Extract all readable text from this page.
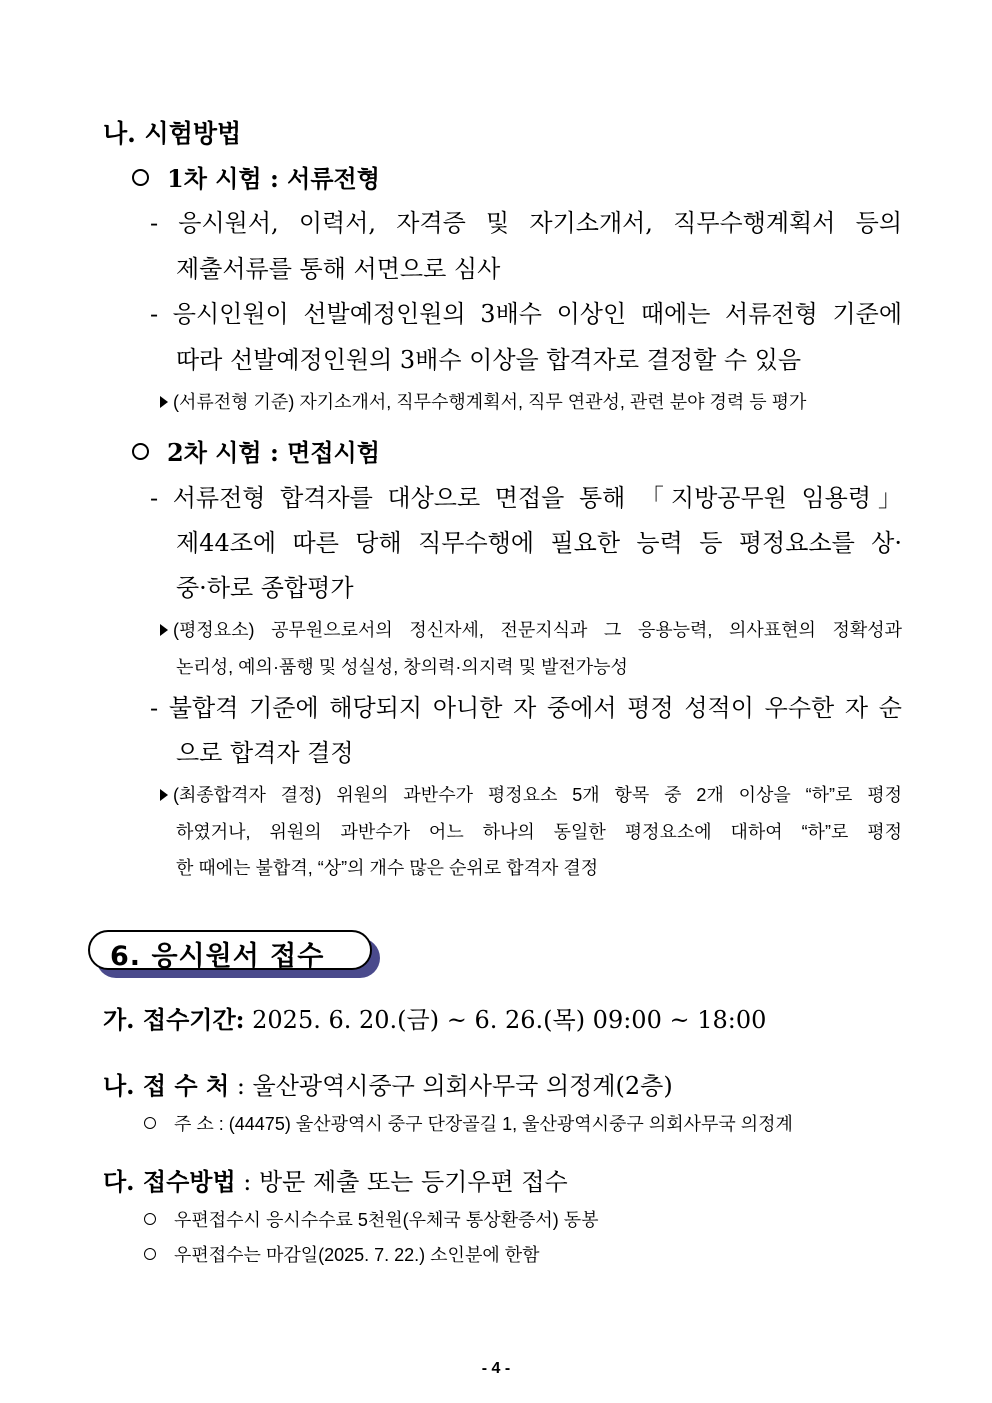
나. 시험방법
1차 시험 : 서류전형
- 응시원서, 이력서, 자격증 및 자기소개서, 직무수행계획서 등의
제출서류를 통해 서면으로 심사
- 응시인원이 선발예정인원의 3배수 이상인 때에는 서류전형 기준에
따라 선발예정인원의 3배수 이상을 합격자로 결정할 수 있음
(서류전형 기준) 자기소개서, 직무수행계획서, 직무 연관성, 관련 분야 경력 등 평가
2차 시험 : 면접시험
- 서류전형 합격자를 대상으로 면접을 통해 「지방공무원 임용령」
제44조에 따른 당해 직무수행에 필요한 능력 등 평정요소를 상·
중·하로 종합평가
(평정요소) 공무원으로서의 정신자세, 전문지식과 그 응용능력, 의사표현의 정확성과
논리성, 예의·품행 및 성실성, 창의력·의지력 및 발전가능성
- 불합격 기준에 해당되지 아니한 자 중에서 평정 성적이 우수한 자 순
으로 합격자 결정
(최종합격자 결정) 위원의 과반수가 평정요소 5개 항목 중 2개 이상을 “하”로 평정
하였거나, 위원의 과반수가 어느 하나의 동일한 평정요소에 대하여 “하”로 평정
한 때에는 불합격, “상”의 개수 많은 순위로 합격자 결정
6. 응시원서 접수
가. 접수기간: 2025. 6. 20.(금) ~ 6. 26.(목) 09:00 ~ 18:00
나. 접 수 처 : 울산광역시중구 의회사무국 의정계(2층)
주 소 : (44475) 울산광역시 중구 단장골길 1, 울산광역시중구 의회사무국 의정계
다. 접수방법 : 방문 제출 또는 등기우편 접수
우편접수시 응시수수료 5천원(우체국 통상환증서) 동봉
우편접수는 마감일(2025. 7. 22.) 소인분에 한함
- 4 -
